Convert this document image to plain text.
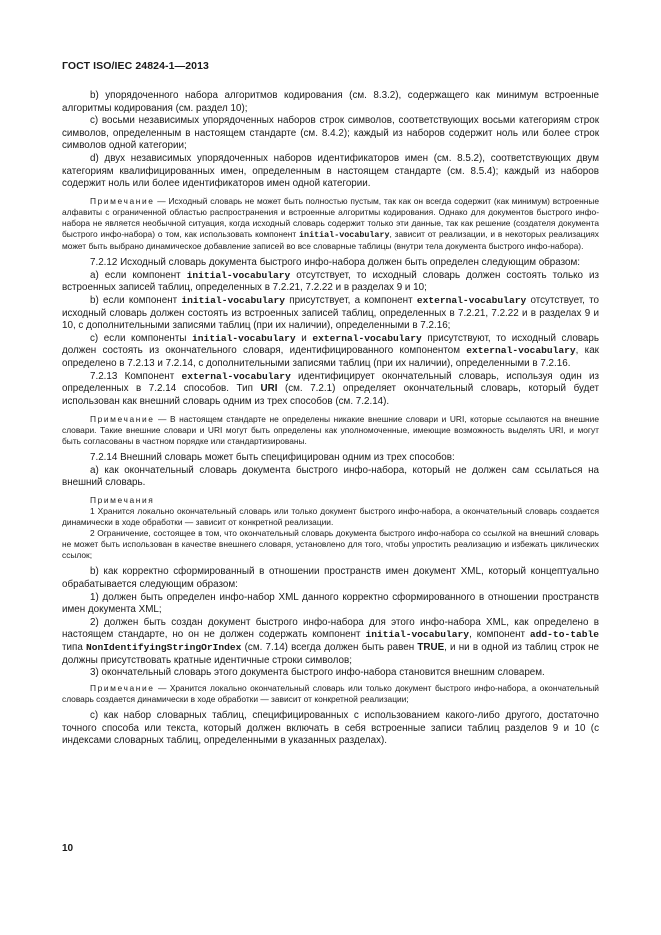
ГОСТ ISO/IEC 24824-1—2013

b) упорядоченного набора алгоритмов кодирования (см. 8.3.2), содержащего как минимум встроенные алгоритмы кодирования (см. раздел 10);

c) восьми независимых упорядоченных наборов строк символов, соответствующих восьми категориям строк символов, определенным в настоящем стандарте (см. 8.4.2); каждый из наборов содержит ноль или более строк символов одной категории;

d) двух независимых упорядоченных наборов идентификаторов имен (см. 8.5.2), соответствующих двум категориям квалифицированных имен, определенным в настоящем стандарте (см. 8.5.4); каждый из наборов содержит ноль или более идентификаторов имен одной категории.

Примечание — Исходный словарь не может быть полностью пустым, так как он всегда содержит (как минимум) встроенные алфавиты с ограниченной областью распространения и встроенные алгоритмы кодирования. Однако для документов быстрого инфо-набора не является необычной ситуация, когда исходный словарь содержит только эти данные, так как решение (создателя документа быстрого инфо-набора) о том, как использовать компонент initial-vocabulary, зависит от реализации, и в некоторых реализациях может быть выбрано динамическое добавление записей во все словарные таблицы (внутри тела документа быстрого инфо-набора).

7.2.12 Исходный словарь документа быстрого инфо-набора должен быть определен следующим образом:

a) если компонент initial-vocabulary отсутствует, то исходный словарь должен состоять только из встроенных записей таблиц, определенных в 7.2.21, 7.2.22 и в разделах 9 и 10;

b) если компонент initial-vocabulary присутствует, а компонент external-vocabulary отсутствует, то исходный словарь должен состоять из встроенных записей таблиц, определенных в 7.2.21, 7.2.22 и в разделах 9 и 10, с дополнительными записями таблиц (при их наличии), определенными в 7.2.16;

c) если компоненты initial-vocabulary и external-vocabulary присутствуют, то исходный словарь должен состоять из окончательного словаря, идентифицированного компонентом external-vocabulary, как определено в 7.2.13 и 7.2.14, с дополнительными записями таблиц (при их наличии), определенными в 7.2.16.

7.2.13 Компонент external-vocabulary идентифицирует окончательный словарь, используя один из определенных в 7.2.14 способов. Тип URI (см. 7.2.1) определяет окончательный словарь, который будет использован как внешний словарь одним из трех способов (см. 7.2.14).

Примечание — В настоящем стандарте не определены никакие внешние словари и URI, которые ссылаются на внешние словари. Такие внешние словари и URI могут быть определены как уполномоченные, имеющие возможность выделять URI, и могут быть согласованы в частном порядке или стандартизированы.

7.2.14 Внешний словарь может быть специфицирован одним из трех способов:

a) как окончательный словарь документа быстрого инфо-набора, который не должен сам ссылаться на внешний словарь.

Примечания

1 Хранится локально окончательный словарь или только документ быстрого инфо-набора, а окончательный словарь создается динамически в ходе обработки — зависит от конкретной реализации.

2 Ограничение, состоящее в том, что окончательный словарь документа быстрого инфо-набора со ссылкой на внешний словарь не может быть использован в качестве внешнего словаря, установлено для того, чтобы упростить реализацию и избежать циклических ссылок;

b) как корректно сформированный в отношении пространств имен документ XML, который концептуально обрабатывается следующим образом:

1) должен быть определен инфо-набор XML данного корректно сформированного в отношении пространств имен документа XML;

2) должен быть создан документ быстрого инфо-набора для этого инфо-набора XML, как определено в настоящем стандарте, но он не должен содержать компонент initial-vocabulary, компонент add-to-table типа NonIdentifyingStringOrIndex (см. 7.14) всегда должен быть равен TRUE, и ни в одной из таблиц строк не должны присутствовать кратные идентичные строки символов;

3) окончательный словарь этого документа быстрого инфо-набора становится внешним словарем.

Примечание — Хранится локально окончательный словарь или только документ быстрого инфо-набора, а окончательный словарь создается динамически в ходе обработки — зависит от конкретной реализации;

c) как набор словарных таблиц, специфицированных с использованием какого-либо другого, достаточно точного способа или текста, который должен включать в себя встроенные записи таблиц разделов 9 и 10 (с индексами словарных таблиц, определенными в указанных разделах).

10
